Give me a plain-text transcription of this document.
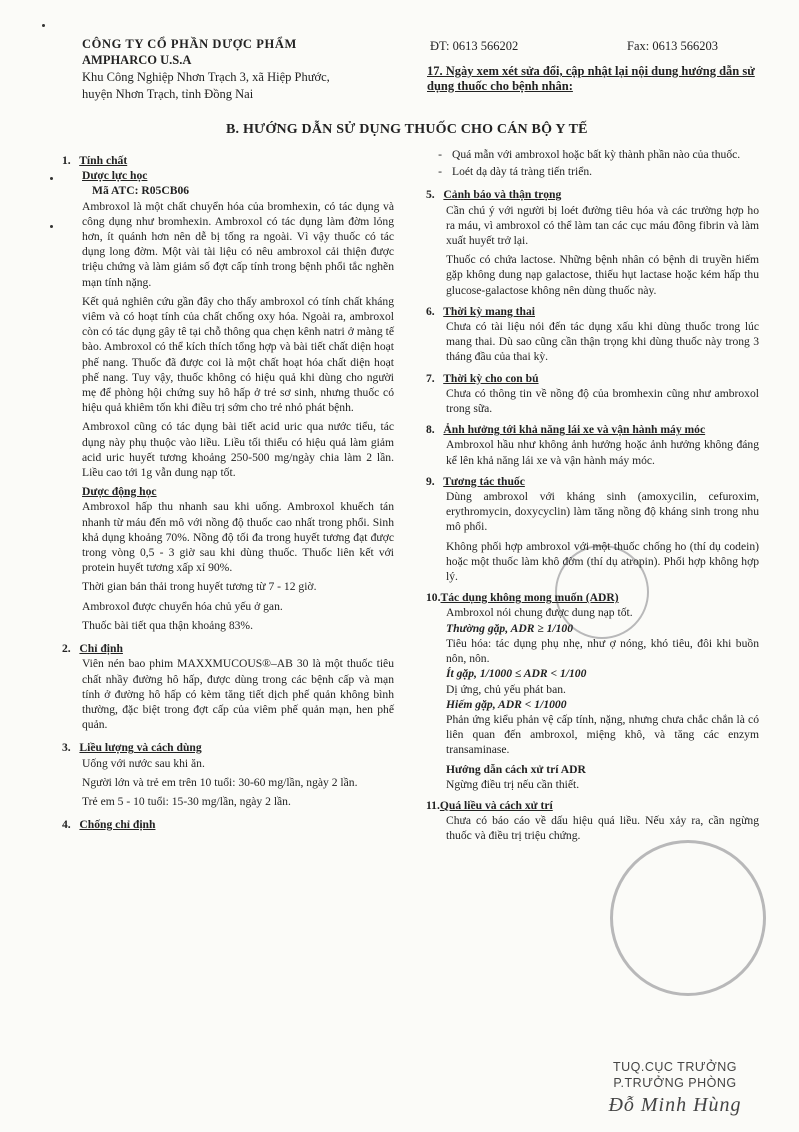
CÔNG TY CỔ PHẦN DƯỢC PHẨM
AMPHARCO U.S.A
Khu Công Nghiệp Nhơn Trạch 3, xã Hiệp Phước,
huyện Nhơn Trạch, tỉnh Đồng Nai
ĐT: 0613 566202	Fax: 0613 566203
17. Ngày xem xét sửa đổi, cập nhật lại nội dung hướng dẫn sử dụng thuốc cho bệnh nhân:
B. HƯỚNG DẪN SỬ DỤNG THUỐC CHO CÁN BỘ Y TẾ
1. Tính chất
Dược lực học
Mã ATC: R05CB06

Ambroxol là một chất chuyển hóa của bromhexin, có tác dụng và công dụng như bromhexin. Ambroxol có tác dụng làm đờm lỏng hơn, ít quánh hơn nên dễ bị tống ra ngoài. Vì vậy thuốc có tác dụng long đờm. Một vài tài liệu có nêu ambroxol cải thiện được triệu chứng và làm giảm số đợt cấp tính trong bệnh phổi tắc nghẽn mạn tính nặng.

Kết quả nghiên cứu gần đây cho thấy ambroxol có tính chất kháng viêm và có hoạt tính của chất chống oxy hóa. Ngoài ra, ambroxol còn có tác dụng gây tê tại chỗ thông qua chẹn kênh natri ở màng tế bào. Ambroxol có thể kích thích tổng hợp và bài tiết chất diện hoạt phế nang. Thuốc đã được coi là một chất hoạt hóa chất diện hoạt phế nang. Tuy vậy, thuốc không có hiệu quả khi dùng cho người mẹ để phòng hội chứng suy hô hấp ở trẻ sơ sinh, nhưng thuốc có hiệu quả khiêm tốn khi điều trị sớm cho trẻ nhỏ phát bệnh.

Ambroxol cũng có tác dụng bài tiết acid uric qua nước tiểu, tác dụng này phụ thuộc vào liều. Liều tối thiểu có hiệu quả làm giảm acid uric huyết tương khoảng 250-500 mg/ngày chia làm 2 lần. Liều cao tới 1g vẫn dung nạp tốt.

Dược động học

Ambroxol hấp thu nhanh sau khi uống. Ambroxol khuếch tán nhanh từ máu đến mô với nồng độ thuốc cao nhất trong phổi. Sinh khả dụng khoảng 70%. Nồng độ tối đa trong huyết tương đạt được trong vòng 0,5 - 3 giờ sau khi dùng thuốc. Thuốc liên kết với protein huyết tương xấp xỉ 90%.

Thời gian bán thải trong huyết tương từ 7 - 12 giờ.

Ambroxol được chuyển hóa chủ yếu ở gan.

Thuốc bài tiết qua thận khoảng 83%.

2. Chỉ định

Viên nén bao phim MAXXMUCOUS®–AB 30 là một thuốc tiêu chất nhầy đường hô hấp, được dùng trong các bệnh cấp và mạn tính ở đường hô hấp có kèm tăng tiết dịch phế quản không bình thường, đặc biệt trong đợt cấp của viêm phế quản mạn, hen phế quản.

3. Liều lượng và cách dùng

Uống với nước sau khi ăn.

Người lớn và trẻ em trên 10 tuổi: 30-60 mg/lần, ngày 2 lần.

Trẻ em 5 - 10 tuổi: 15-30 mg/lần, ngày 2 lần.

4. Chống chỉ định
- Quá mẫn với ambroxol hoặc bất kỳ thành phần nào của thuốc.
- Loét dạ dày tá tràng tiến triển.
5. Cảnh báo và thận trọng

Cần chú ý với người bị loét đường tiêu hóa và các trường hợp ho ra máu, vì ambroxol có thể làm tan các cục máu đông fibrin và làm xuất huyết trở lại.

Thuốc có chứa lactose. Những bệnh nhân có bệnh di truyền hiếm gặp không dung nạp galactose, thiếu hụt lactase hoặc kém hấp thu glucose-galactose không nên dùng thuốc này.

6. Thời kỳ mang thai

Chưa có tài liệu nói đến tác dụng xấu khi dùng thuốc trong lúc mang thai. Dù sao cũng cần thận trọng khi dùng thuốc này trong 3 tháng đầu của thai kỳ.

7. Thời kỳ cho con bú

Chưa có thông tin về nồng độ của bromhexin cũng như ambroxol trong sữa.

8. Ảnh hưởng tới khả năng lái xe và vận hành máy móc

Ambroxol hầu như không ảnh hưởng hoặc ảnh hưởng không đáng kể lên khả năng lái xe và vận hành máy móc.

9. Tương tác thuốc

Dùng ambroxol với kháng sinh (amoxycilin, cefuroxim, erythromycin, doxycyclin) làm tăng nồng độ kháng sinh trong nhu mô phổi.

Không phối hợp ambroxol với một thuốc chống ho (thí dụ codein) hoặc một thuốc làm khô đờm (thí dụ atropin). Phối hợp không hợp lý.

10.Tác dụng không mong muốn (ADR)

Ambroxol nói chung được dung nạp tốt.

Thường gặp, ADR ≥ 1/100

Tiêu hóa: tác dụng phụ nhẹ, như ợ nóng, khó tiêu, đôi khi buồn nôn, nôn.

Ít gặp, 1/1000 ≤ ADR < 1/100

Dị ứng, chủ yếu phát ban.

Hiếm gặp, ADR < 1/1000

Phản ứng kiểu phản vệ cấp tính, nặng, nhưng chưa chắc chắn là có liên quan đến ambroxol, miệng khô, và tăng các enzym transaminase.

Hướng dẫn cách xử trí ADR

Ngừng điều trị nếu cần thiết.

11.Quá liều và cách xử trí

Chưa có báo cáo về dấu hiệu quá liều. Nếu xảy ra, cần ngừng thuốc và điều trị triệu chứng.

TUQ.CỤC TRƯỞNG
P.TRƯỞNG PHÒNG
Đỗ Minh Hùng
